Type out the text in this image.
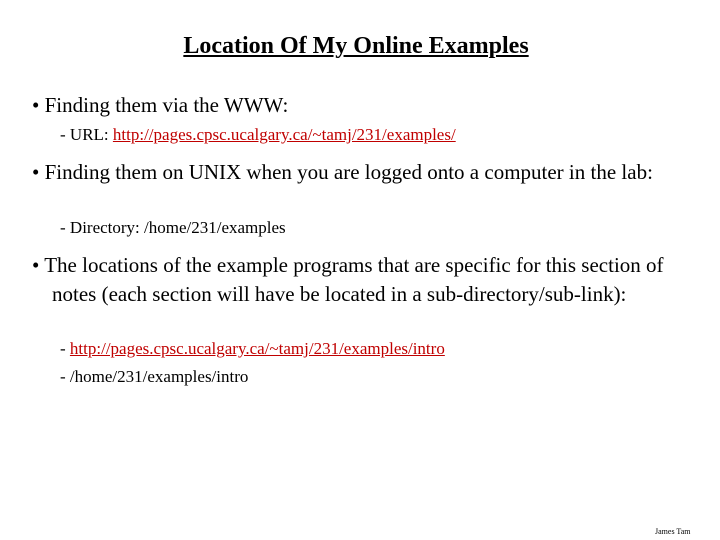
Location Of My Online Examples
• Finding them via the WWW:
- URL: http://pages.cpsc.ucalgary.ca/~tamj/231/examples/
• Finding them on UNIX when you are logged onto a computer in the lab:
- Directory: /home/231/examples
• The locations of the example programs that are specific for this section of notes (each section will have be located in a sub-directory/sub-link):
- http://pages.cpsc.ucalgary.ca/~tamj/231/examples/intro
- /home/231/examples/intro
James Tam
